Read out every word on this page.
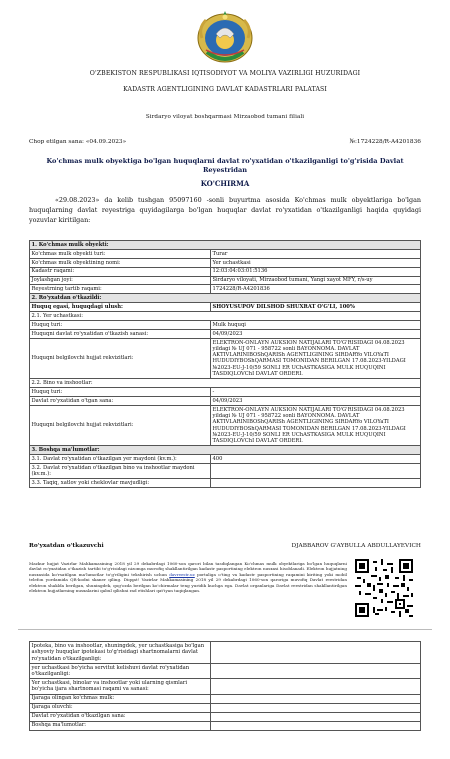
O'ZBEKISTON RESPUBLIKASI IQTISODIYOT VA MOLIYA VAZIRLIGI HUZURIDAGI
KADASTR AGENTLIGINING DAVLAT KADASTRLARI PALATASI
Sirdaryo viloyat boshqarmasi Mirzaobod tumani filiali
Chop etilgan sana: «04.09.2023»	№:1724228/R-A4201836
Ko'chmas mulk obyektiga bo'lgan huquqlarni davlat ro'yxatidan o'tkazilganligi to'g'risida Davlat Reyestridan
KO'CHIRMA
«29.08.2023» da kelib tushgan 95097160 -sonli buyurtma asosida Ko'chmas mulk obyektlariga bo'lgan huquqlarning davlat reyestriga quyidagilarga bo'lgan huquqlar davlat ro'yxatidan o'tkazilganligi haqida quyidagi yozuvlar kiritilgan:
1. Ko'chmas mulk obyekti:	
Ko'chmas mulk obyekti turi:	Turar
Ko'chmas mulk obyektining nomi:	Yer uchastkasi
Kadastr raqami:	12:03:04:03:01:5136
Joylashgan joyi:	Sirdaryo viloyati, Mirzaobod tumani, Yangi xayot MFY, r/s-uy
Reyestrning tartib raqami:	1724228/R-A4201836
2. Ro'yxatdan o'tkazildi:	
Huquq egasi, huquqdagi ulush:	SHOYUSUPOV DILSHOD SHUXRAT O'G'LI, 100%
2.1. Yer uchastkasi:	
Huquq turi:	Mulk huquqi
Huquqni davlat ro'yxatidan o'tkazish sanasi:	04/09/2023
Huquqni belgilovchi hujjat rekvizitlari:	ELEKTRON-ONLAYN AUKSION NATIJALARI TO'G'RISIDAGI 04.08.2023 yildagi № UJ 071 - 958722 sonli BAYONNOMA. DAVLAT AKTIVLARINIBOShQARISh AGENTLIGINING SIRDARYo VILOYaTI HUDUDIYBOShQARMASI TOMONIDAN BERILGAN 17.08.2023-YILDAGI №2023-EU-J-10/59 SONLI ER UChASTKASIGA MULK HUQUQINI TASDIQLOVChI DAVLAT ORDERI.
2.2. Bino va inshootlar:	
Huquq turi:	-
Davlat ro'yxatidan o'tgan sana:	04/09/2023
Huquqni belgilovchi hujjat rekvizitlari:	ELEKTRON-ONLAYN AUKSION NATIJALARI TO'G'RISIDAGI 04.08.2023 yildagi № UJ 071 - 958722 sonli BAYONNOMA. DAVLAT AKTIVLARINIBOShQARISh AGENTLIGINING SIRDARYo VILOYaTI HUDUDIYBOShQARMASI TOMONIDAN BERILGAN 17.08.2023-YILDAGI №2023-EU-J-10/59 SONLI ER UChASTKASIGA MULK HUQUQINI TASDIQLOVChI DAVLAT ORDERI.
3. Boshqa ma'lumotlar:	
3.1. Davlat ro'yxatidan o'tkazilgan yer maydoni (kv.m.):	400
3.2. Davlat ro'yxatidan o'tkazilgan bino va inshootlar maydoni (kv.m.):	
3.3. Taqiq, xatlov yoki cheklovlar mavjudligi:	
Ro'yxatdan o'tkazuvchi	DJABBAROV G'AYBULLA ABDULLAYEVICH
Mazkur hujjat Vazirlar Mahkamasining 2018 yil 29 dekabrdagi 1060-son qarori bilan tasdiqlangan Ko'chmas mulk obyektlariga bo'lgan huquqlarni davlat ro'yxatidan o'tkazish tartibi to'g'risidagi nizomga muvofiq shakllantirilgan kadastr pasportining elektron nusxasi hisoblanadi. Elektron hujjatning nusxasida ko'rsatilgan ma'lumotlar to'g'riligini tekshirish uchun davreestr.uz portaliga o'ting va kadastr pasportining raqamini kiriting yoki mobil telefon yordamida QR-kodni skaner qiling. Diqqat! Vazirlar Mahkamasining 2018 yil 29 dekabrdagi 1060-son qaroriga muvofiq Davlat reestridan elektron shaklda berilgan, shuningdek, qog'ozda berilgan ko'chirmalar teng yuridik kuchga ega. Davlat organlariga Davlat reestridan shakllantirilgan elektron hujjatlarning nusxalarini qabul qilishni rad etishlari qat'iyan taqiqlangan.
Ipoteka, bino va inshootlar, shuningdek, yer uchastkasiga bo'lgan ashyoviy huquqlar ipotekasi to'g'risidagi shartnomalarni davlat ro'yxatidan o'tkazilganligi:	
yer uchastkasi bo'yicha servitut kelishuvi davlat ro'yxatidan o'tkazilganligi:	
Yer uchastkasi, binolar va inshootlar yoki ularning qismlari bo'yicha ijara shartnomasi raqami va sanasi:	
Ijaraga olingan ko'chmas mulk:	
Ijaraga oluvchi:	
Davlat ro'yxatidan o'tkazilgan sana:	
Boshqa ma'lumotlar:	
